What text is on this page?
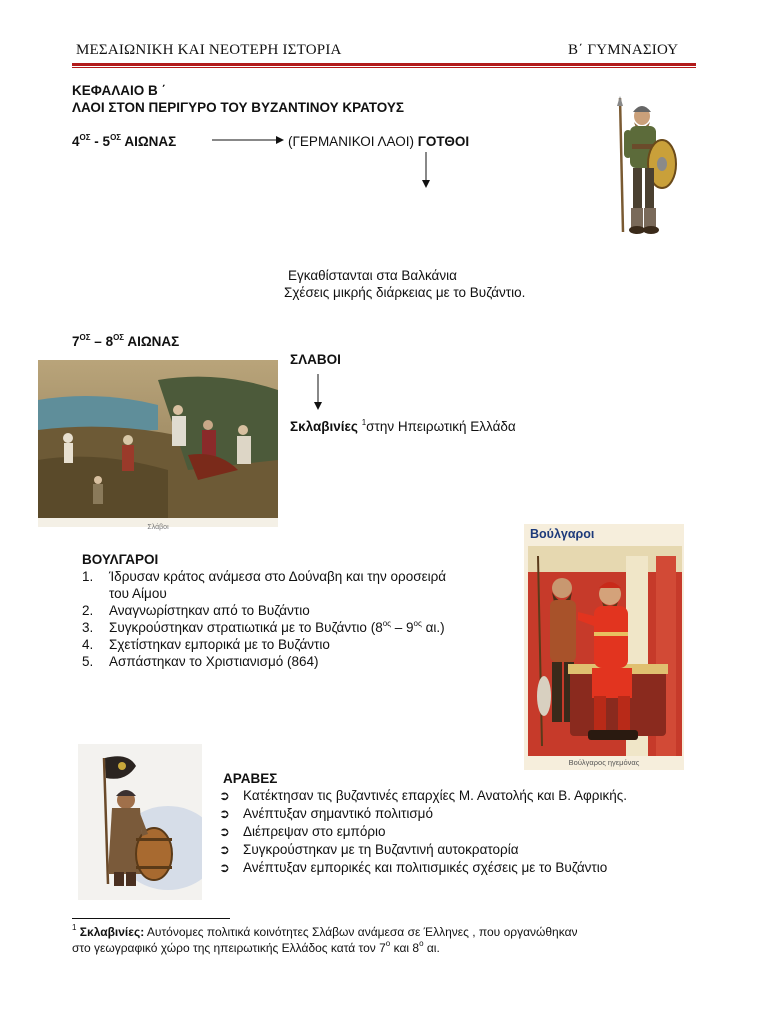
ΜΕΣΑΙΩΝΙΚΗ ΚΑΙ ΝΕΟΤΕΡΗ ΙΣΤΟΡΙΑ	Β΄ ΓΥΜΝΑΣΙΟΥ
ΚΕΦΑΛΑΙΟ Β ΄
ΛΑΟΙ ΣΤΟΝ ΠΕΡΙΓΥΡΟ ΤΟΥ ΒΥΖΑΝΤΙΝΟΥ ΚΡΑΤΟΥΣ
$4^{O\Sigma} - 5^{O\Sigma}$ ΑΙΩΝΑΣ	(ΓΕΡΜΑΝΙΚΟΙ ΛΑΟΙ) ΓΟΤΘΟΙ
Εγκαθίστανται στα Βαλκάνια
Σχέσεις μικρής διάρκειας με το Βυζάντιο.
$7^{O\Sigma} - 8^{O\Sigma}$ ΑΙΩΝΑΣ
ΣΛΑΒΟΙ
Σκλαβινίες $^1$στην Ηπειρωτική Ελλάδα
Σλάβοι	Βούλγαροι
Βούλγαρος ηγεμόνας
ΒΟΥΛΓΑΡΟΙ
1. Ίδρυσαν κράτος ανάμεσα στο Δούναβη και την οροσειρά
του Αίμου
2. Αναγνωρίστηκαν από το Βυζάντιο
3. Συγκρούστηκαν στρατιωτικά με το Βυζάντιο ($8^{o\varsigma} - 9^{o\varsigma}$ αι.)
4. Σχετίστηκαν εμπορικά με το Βυζάντιο
5. Ασπάστηκαν το Χριστιανισμό (864)
ΑΡΑΒΕΣ
➲ Κατέκτησαν τις βυζαντινές επαρχίες Μ. Ανατολής και Β. Αφρικής.
➲ Ανέπτυξαν σημαντικό πολιτισμό
➲ Διέπρεψαν στο εμπόριο
➲ Συγκρούστηκαν με τη Βυζαντινή αυτοκρατορία
➲ Ανέπτυξαν εμπορικές και πολιτισμικές σχέσεις με το Βυζάντιο
$^1$ Σκλαβινίες: Αυτόνομες πολιτικά κοινότητες Σλάβων ανάμεσα σε Έλληνες , που οργανώθηκαν
στο γεωγραφικό χώρο της ηπειρωτικής Ελλάδος κατά τον $7^o$ και $8^o$ αι.
